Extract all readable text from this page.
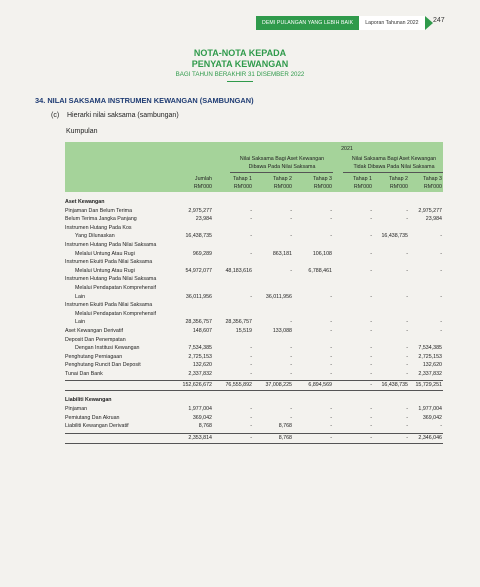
DEMI PULANGAN YANG LEBIH BAIK	Laporan Tahunan 2022	247
NOTA-NOTA KEPADA
PENYATA KEWANGAN
BAGI TAHUN BERAKHIR 31 DISEMBER 2022
34. NILAI SAKSAMA INSTRUMEN KEWANGAN (SAMBUNGAN)
(c) Hierarki nilai saksama (sambungan)
Kumpulan
2021
Nilai Saksama Bagi Aset Kewangan
Dibawa Pada Nilai Saksama
Nilai Saksama Bagi Aset Kewangan
Tidak Dibawa Pada Nilai Saksama
Jumlah	Tahap 1	Tahap 2	Tahap 3	Tahap 1	Tahap 2	Tahap 3
RM'000	RM'000	RM'000	RM'000	RM'000	RM'000	RM'000
Aset Kewangan
Pinjaman Dan Belum Terima	2,975,277	-	-	-	-	-	2,975,277
Belum Terima Jangka Panjang	23,984	-	-	-	-	-	23,984
Instrumen Hutang Pada Kos
Yang Dilunaskan	16,438,735	-	-	-	-	16,438,735	-
Instrumen Hutang Pada Nilai Saksama
Melalui Untung Atau Rugi	969,289	-	863,181	106,108	-	-	-
Instrumen Ekuiti Pada Nilai Saksama
Melalui Untung Atau Rugi	54,972,077	48,183,616	-	6,788,461	-	-	-
Instrumen Hutang Pada Nilai Saksama
Melalui Pendapatan Komprehensif
Lain	36,011,956	-	36,011,956	-	-	-	-
Instrumen Ekuiti Pada Nilai Saksama
Melalui Pendapatan Komprehensif
Lain	28,356,757	28,356,757	-	-	-	-	-
Aset Kewangan Derivatif	148,607	15,519	133,088	-	-	-	-
Deposit Dan Penempatan
Dengan Institusi Kewangan	7,534,385	-	-	-	-	-	7,534,385
Penghutang Perniagaan	2,725,153	-	-	-	-	-	2,725,153
Penghutang Runcit Dan Deposit	132,620	-	-	-	-	-	132,620
Tunai Dan Bank	2,337,832	-	-	-	-	-	2,337,832
152,626,672	76,555,892	37,008,225	6,894,569	-	16,438,735	15,729,251
Liabiliti Kewangan
Pinjaman	1,977,004	-	-	-	-	-	1,977,004
Pemiutang Dan Akruan	369,042	-	-	-	-	-	369,042
Liabiliti Kewangan Derivatif	8,768	-	8,768	-	-	-	-
2,353,814	-	8,768	-	-	-	2,346,046
